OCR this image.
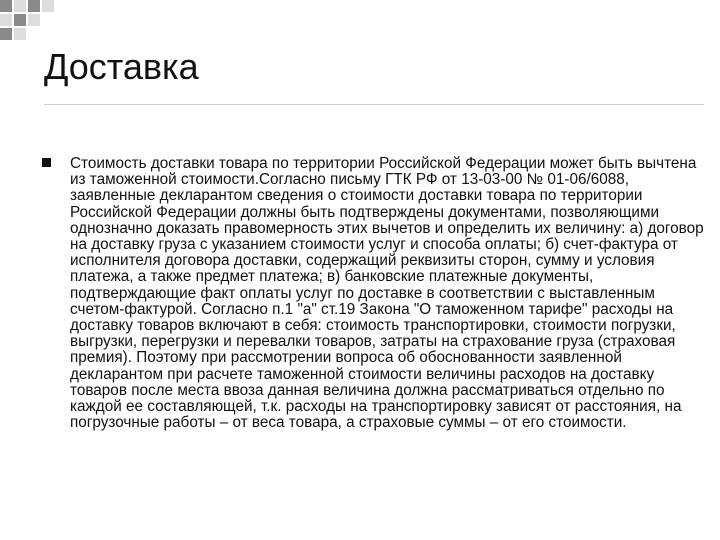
Доставка

Стоимость доставки товара по территории Российской Федерации может быть вычтена из таможенной стоимости.Согласно письму ГТК РФ от 13-03-00 № 01-06/6088, заявленные декларантом сведения о стоимости доставки товара по территории Российской Федерации должны быть подтверждены документами, позволяющими однозначно доказать правомерность этих вычетов и определить их величину: а) договор на доставку груза с указанием стоимости услуг и способа оплаты; б) счет-фактура от исполнителя договора доставки, содержащий реквизиты сторон, сумму и условия платежа, а также предмет платежа; в) банковские платежные документы, подтверждающие факт оплаты услуг по доставке в соответствии с выставленным счетом-фактурой. Согласно п.1 "а" ст.19 Закона "О таможенном тарифе" расходы на доставку товаров включают в себя: стоимость транспортировки, стоимости погрузки, выгрузки, перегрузки и перевалки товаров, затраты на страхование груза (страховая премия). Поэтому при рассмотрении вопроса об обоснованности заявленной декларантом при расчете таможенной стоимости величины расходов на доставку товаров после места ввоза данная величина должна рассматриваться отдельно по каждой ее составляющей, т.к. расходы на транспортировку зависят от расстояния, на погрузочные работы – от веса товара, а страховые суммы – от его стоимости.
